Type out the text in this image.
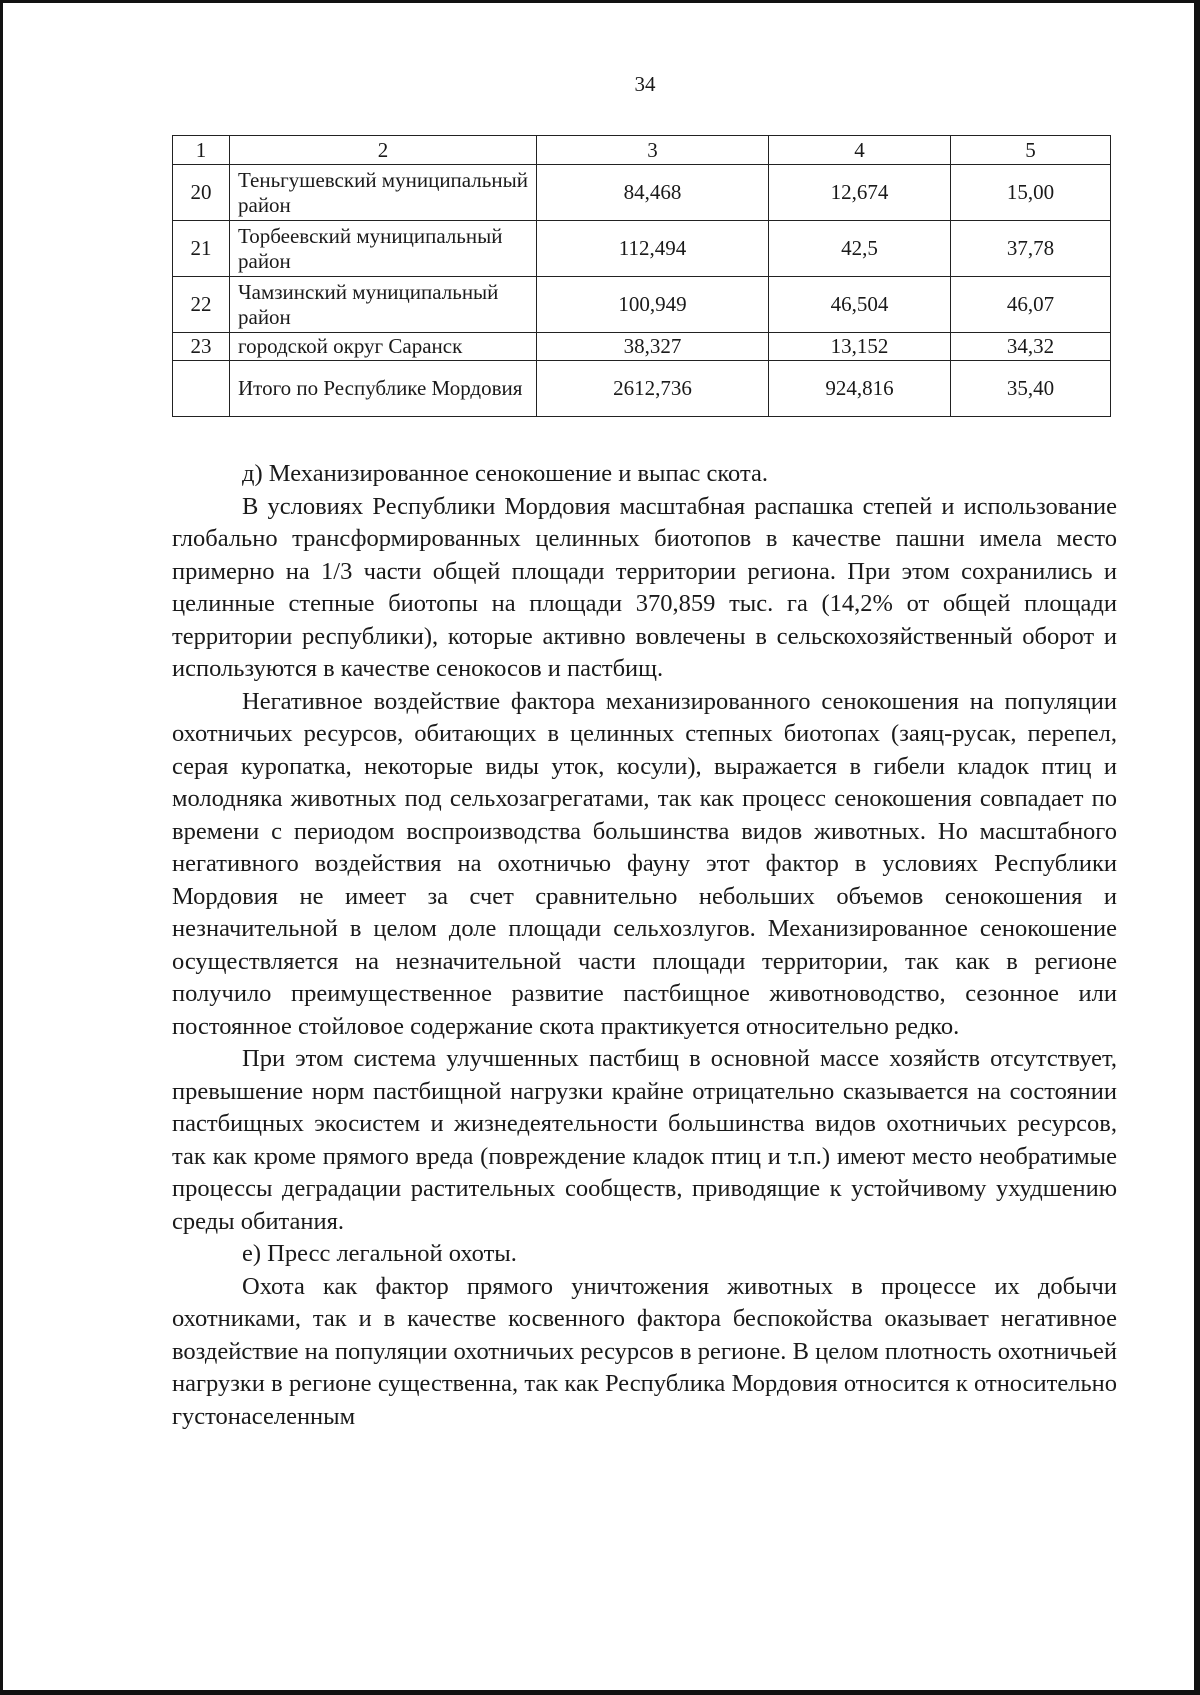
34
1	2	3	4	5
20	Теньгушевский муниципальный район	84,468	12,674	15,00
21	Торбеевский муниципальный район	112,494	42,5	37,78
22	Чамзинский муниципальный район	100,949	46,504	46,07
23	городской округ Саранск	38,327	13,152	34,32
	Итого по Республике Мордовия	2612,736	924,816	35,40

д) Механизированное сенокошение и выпас скота.

В условиях Республики Мордовия масштабная распашка степей и использование глобально трансформированных целинных биотопов в качестве пашни имела место примерно на 1/3 части общей площади территории региона. При этом сохранились и целинные степные биотопы на площади 370,859 тыс. га (14,2% от общей площади территории республики), которые активно вовлечены в сельскохозяйственный оборот и используются в качестве сенокосов и пастбищ.

Негативное воздействие фактора механизированного сенокошения на популяции охотничьих ресурсов, обитающих в целинных степных биотопах (заяц-русак, перепел, серая куропатка, некоторые виды уток, косули), выражается в гибели кладок птиц и молодняка животных под сельхозагрегатами, так как процесс сенокошения совпадает по времени с периодом воспроизводства большинства видов животных. Но масштабного негативного воздействия на охотничью фауну этот фактор в условиях Республики Мордовия не имеет за счет сравнительно небольших объемов сенокошения и незначительной в целом доле площади сельхозлугов. Механизированное сенокошение осуществляется на незначительной части площади территории, так как в регионе получило преимущественное развитие пастбищное животноводство, сезонное или постоянное стойловое содержание скота практикуется относительно редко.

При этом система улучшенных пастбищ в основной массе хозяйств отсутствует, превышение норм пастбищной нагрузки крайне отрицательно сказывается на состоянии пастбищных экосистем и жизнедеятельности большинства видов охотничьих ресурсов, так как кроме прямого вреда (повреждение кладок птиц и т.п.) имеют место необратимые процессы деградации растительных сообществ, приводящие к устойчивому ухудшению среды обитания.

е) Пресс легальной охоты.

Охота как фактор прямого уничтожения животных в процессе их добычи охотниками, так и в качестве косвенного фактора беспокойства оказывает негативное воздействие на популяции охотничьих ресурсов в регионе. В целом плотность охотничьей нагрузки в регионе существенна, так как Республика Мордовия относится к относительно густонаселенным
